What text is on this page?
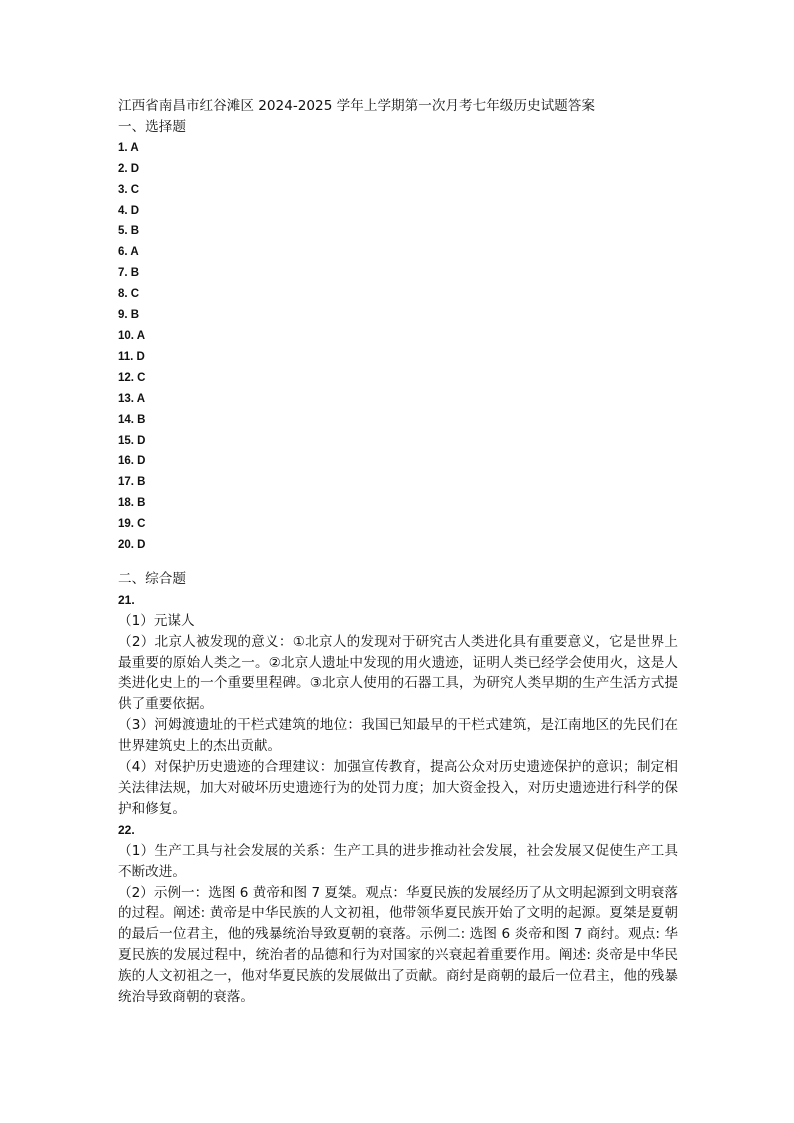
江西省南昌市红谷滩区 2024-2025 学年上学期第一次月考七年级历史试题答案
一、选择题
1. A
2. D
3. C
4. D
5. B
6. A
7. B
8. C
9. B
10. A
11. D
12. C
13. A
14. B
15. D
16. D
17. B
18. B
19. C
20. D
二、综合题
21.
（1）元谋人
（2）北京人被发现的意义：①北京人的发现对于研究古人类进化具有重要意义，它是世界上最重要的原始人类之一。②北京人遗址中发现的用火遗迹，证明人类已经学会使用火，这是人类进化史上的一个重要里程碑。③北京人使用的石器工具，为研究人类早期的生产生活方式提供了重要依据。
（3）河姆渡遗址的干栏式建筑的地位：我国已知最早的干栏式建筑，是江南地区的先民们在世界建筑史上的杰出贡献。
（4）对保护历史遗迹的合理建议：加强宣传教育，提高公众对历史遗迹保护的意识；制定相关法律法规，加大对破坏历史遗迹行为的处罚力度；加大资金投入，对历史遗迹进行科学的保护和修复。
22.
（1）生产工具与社会发展的关系：生产工具的进步推动社会发展，社会发展又促使生产工具不断改进。
（2）示例一：选图 6 黄帝和图 7 夏桀。观点：华夏民族的发展经历了从文明起源到文明衰落的过程。阐述: 黄帝是中华民族的人文初祖，他带领华夏民族开始了文明的起源。夏桀是夏朝的最后一位君主，他的残暴统治导致夏朝的衰落。示例二: 选图 6 炎帝和图 7 商纣。观点: 华夏民族的发展过程中，统治者的品德和行为对国家的兴衰起着重要作用。阐述: 炎帝是中华民族的人文初祖之一，他对华夏民族的发展做出了贡献。商纣是商朝的最后一位君主，他的残暴统治导致商朝的衰落。
